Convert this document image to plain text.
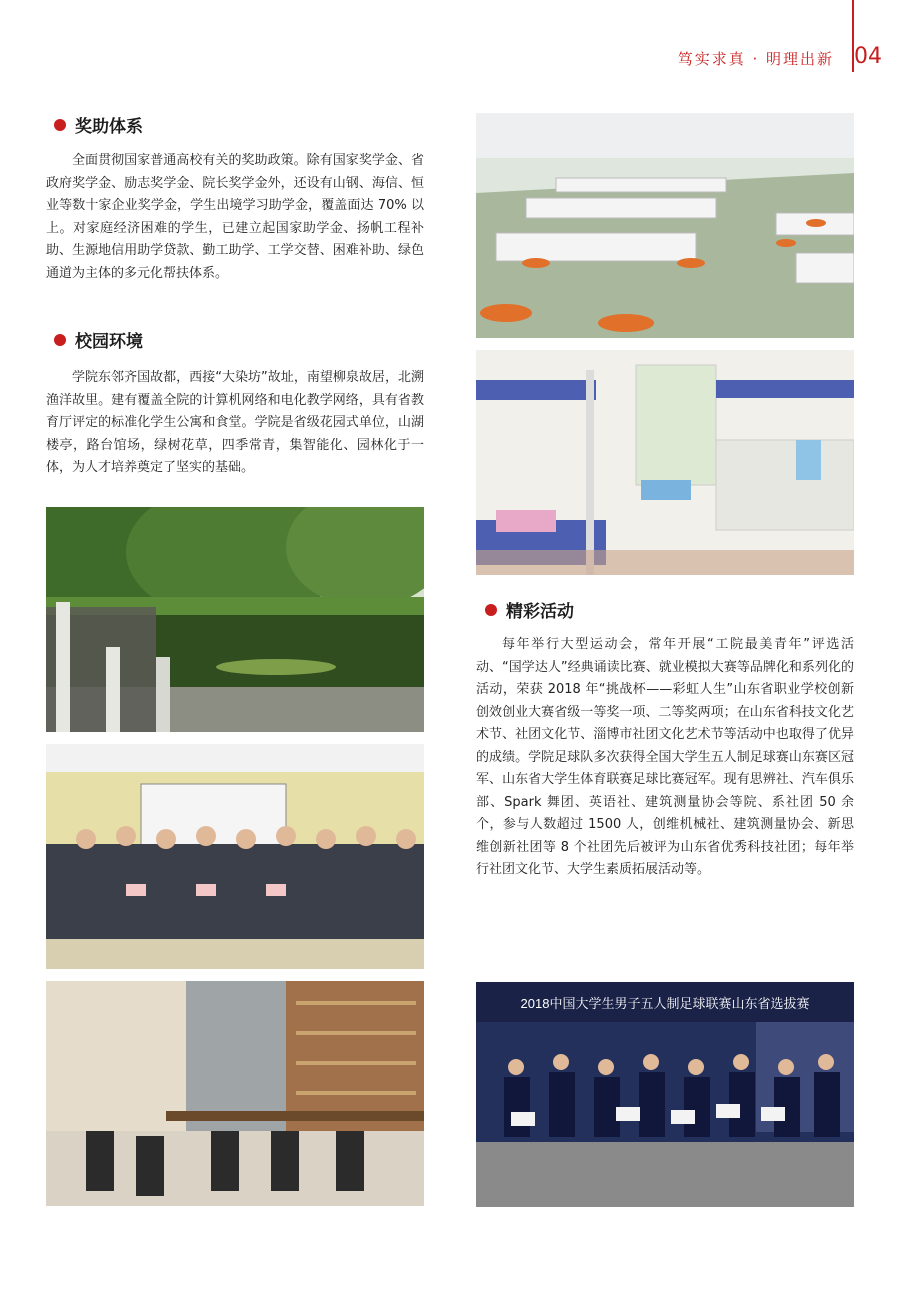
笃实求真 · 明理出新 04
奖助体系

全面贯彻国家普通高校有关的奖助政策。除有国家奖学金、省政府奖学金、励志奖学金、院长奖学金外，还设有山钢、海信、恒业等数十家企业奖学金，学生出境学习助学金，覆盖面达 70% 以上。对家庭经济困难的学生，已建立起国家助学金、扬帆工程补助、生源地信用助学贷款、勤工助学、工学交替、困难补助、绿色通道为主体的多元化帮扶体系。

校园环境

学院东邻齐国故都，西接“大染坊”故址，南望柳泉故居，北溯渔洋故里。建有覆盖全院的计算机网络和电化教学网络，具有省教育厅评定的标准化学生公寓和食堂。学院是省级花园式单位，山湖楼亭，路台馆场，绿树花草，四季常青，集智能化、园林化于一体，为人才培养奠定了坚实的基础。

精彩活动

每年举行大型运动会，常年开展“工院最美青年”评选活动、“国学达人”经典诵读比赛、就业模拟大赛等品牌化和系列化的活动，荣获 2018 年“挑战杯——彩虹人生”山东省职业学校创新创效创业大赛省级一等奖一项、二等奖两项；在山东省科技文化艺术节、社团文化节、淄博市社团文化艺术节等活动中也取得了优异的成绩。学院足球队多次获得全国大学生五人制足球赛山东赛区冠军、山东省大学生体育联赛足球比赛冠军。现有思辨社、汽车俱乐部、Spark 舞团、英语社、建筑测量协会等院、系社团 50 余个，参与人数超过 1500 人，创维机械社、建筑测量协会、新思维创新社团等 8 个社团先后被评为山东省优秀科技社团；每年举行社团文化节、大学生素质拓展活动等。

2018中国大学生男子五人制足球联赛山东省选拔赛
